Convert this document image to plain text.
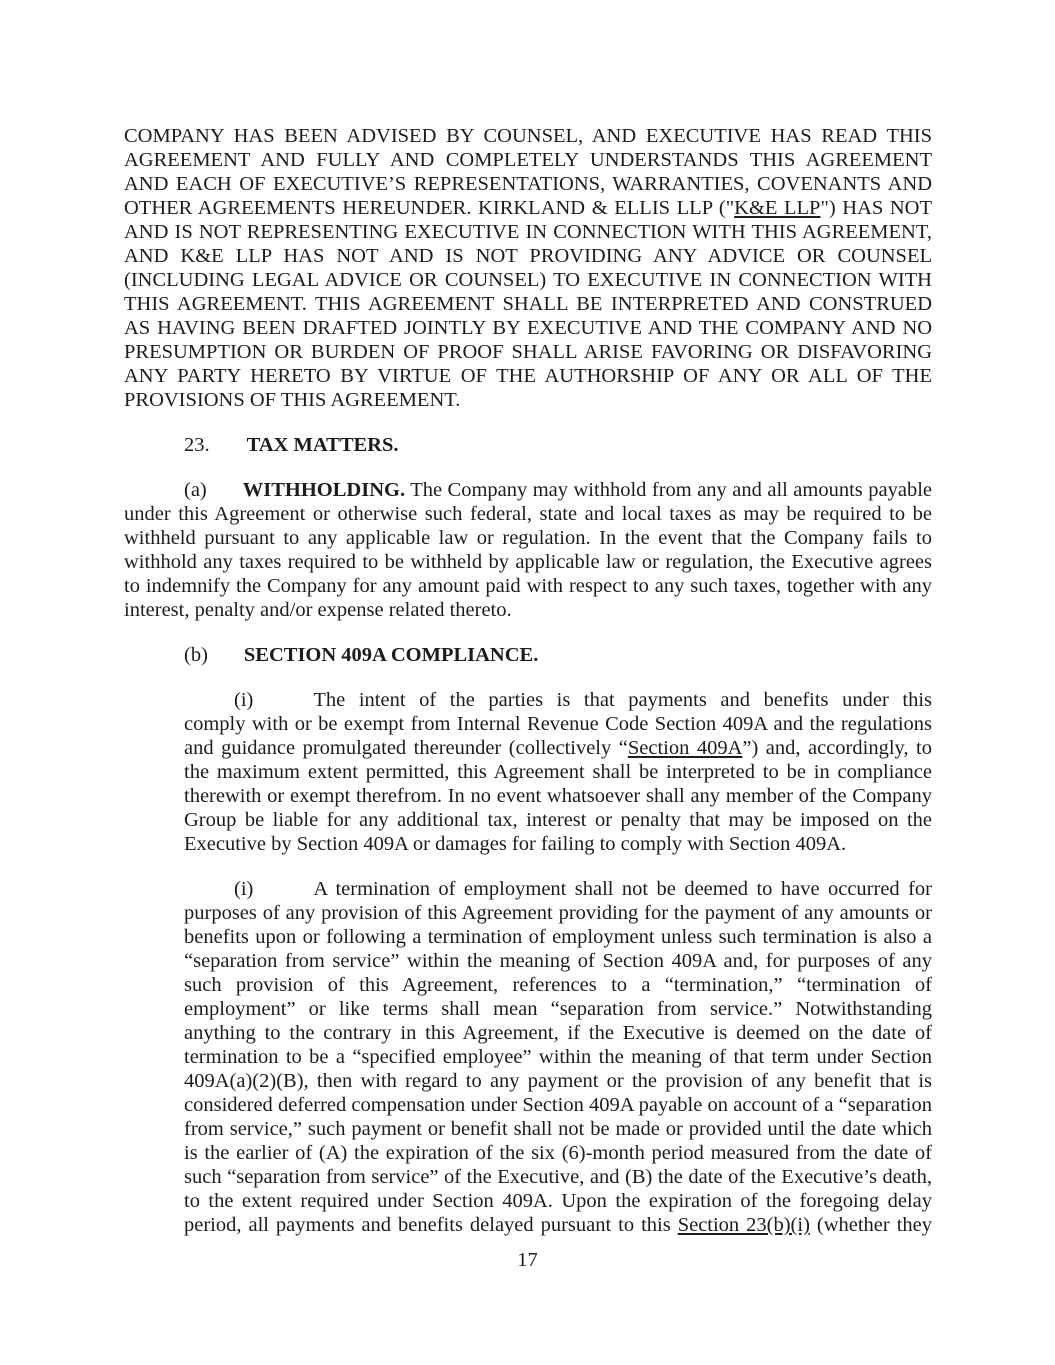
COMPANY HAS BEEN ADVISED BY COUNSEL, AND EXECUTIVE HAS READ THIS
AGREEMENT AND FULLY AND COMPLETELY UNDERSTANDS THIS AGREEMENT
AND EACH OF EXECUTIVE’S REPRESENTATIONS, WARRANTIES, COVENANTS AND
OTHER AGREEMENTS HEREUNDER. KIRKLAND & ELLIS LLP ("K&E LLP") HAS NOT
AND IS NOT REPRESENTING EXECUTIVE IN CONNECTION WITH THIS AGREEMENT,
AND K&E LLP HAS NOT AND IS NOT PROVIDING ANY ADVICE OR COUNSEL
(INCLUDING LEGAL ADVICE OR COUNSEL) TO EXECUTIVE IN CONNECTION WITH
THIS AGREEMENT. THIS AGREEMENT SHALL BE INTERPRETED AND CONSTRUED
AS HAVING BEEN DRAFTED JOINTLY BY EXECUTIVE AND THE COMPANY AND NO
PRESUMPTION OR BURDEN OF PROOF SHALL ARISE FAVORING OR DISFAVORING
ANY PARTY HERETO BY VIRTUE OF THE AUTHORSHIP OF ANY OR ALL OF THE
PROVISIONS OF THIS AGREEMENT.
23. TAX MATTERS.
(a) WITHHOLDING. The Company may withhold from any and all amounts payable
under this Agreement or otherwise such federal, state and local taxes as may be required to be
withheld pursuant to any applicable law or regulation. In the event that the Company fails to
withhold any taxes required to be withheld by applicable law or regulation, the Executive agrees
to indemnify the Company for any amount paid with respect to any such taxes, together with any
interest, penalty and/or expense related thereto.
(b) SECTION 409A COMPLIANCE.
(i)	The intent of the parties is that payments and benefits under this
comply with or be exempt from Internal Revenue Code Section 409A and the regulations
and guidance promulgated thereunder (collectively “Section 409A”) and, accordingly, to
the maximum extent permitted, this Agreement shall be interpreted to be in compliance
therewith or exempt therefrom. In no event whatsoever shall any member of the Company
Group be liable for any additional tax, interest or penalty that may be imposed on the
Executive by Section 409A or damages for failing to comply with Section 409A.
(i)	A termination of employment shall not be deemed to have occurred for
purposes of any provision of this Agreement providing for the payment of any amounts or
benefits upon or following a termination of employment unless such termination is also a
“separation from service” within the meaning of Section 409A and, for purposes of any
such provision of this Agreement, references to a “termination,” “termination of
employment” or like terms shall mean “separation from service.” Notwithstanding
anything to the contrary in this Agreement, if the Executive is deemed on the date of
termination to be a “specified employee” within the meaning of that term under Section
409A(a)(2)(B), then with regard to any payment or the provision of any benefit that is
considered deferred compensation under Section 409A payable on account of a “separation
from service,” such payment or benefit shall not be made or provided until the date which
is the earlier of (A) the expiration of the six (6)-month period measured from the date of
such “separation from service” of the Executive, and (B) the date of the Executive’s death,
to the extent required under Section 409A. Upon the expiration of the foregoing delay
period, all payments and benefits delayed pursuant to this Section 23(b)(i) (whether they
17
